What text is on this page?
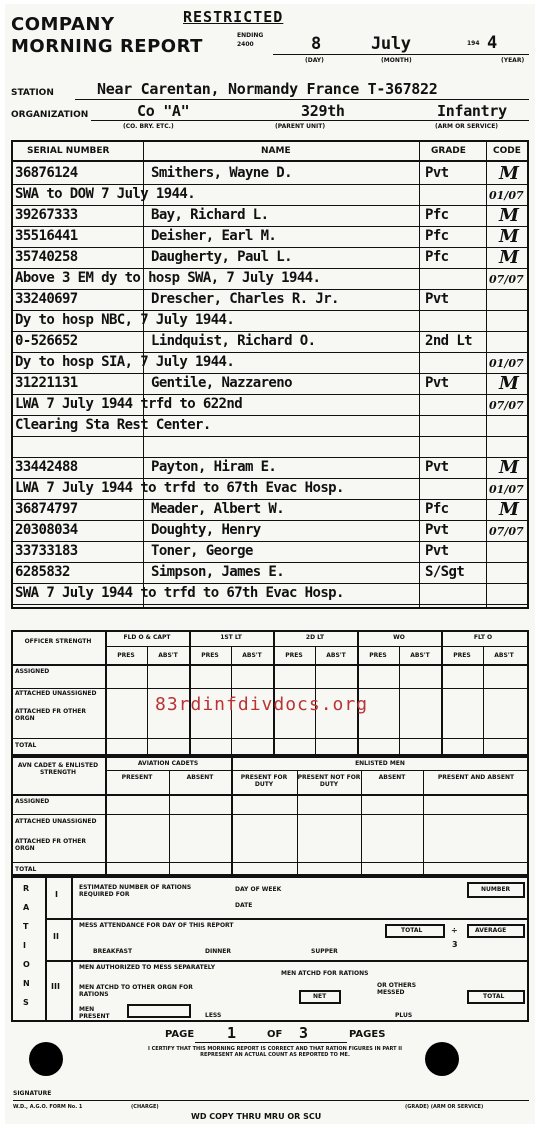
COMPANY
MORNING REPORT
RESTRICTED
ENDING
2400	8	July	194 4
(DAY)	(MONTH)	(YEAR)
STATION	Near Carentan, Normandy France T-367822
ORGANIZATION	Co "A"	329th	Infantry
(CO. BRY. ETC.)	(PARENT UNIT)	(ARM OR SERVICE)
SERIAL NUMBER	NAME	GRADE	CODE
36876124	Smithers, Wayne D.	Pvt	M
SWA to DOW 7 July 1944.	01/07
39267333	Bay, Richard L.	Pfc	M
35516441	Deisher, Earl M.	Pfc	M
35740258	Daugherty, Paul L.	Pfc	M
Above 3 EM dy to hosp SWA, 7 July 1944.	07/07
33240697	Drescher, Charles R. Jr.	Pvt
Dy to hosp NBC, 7 July 1944.
0-526652	Lindquist, Richard O.	2nd Lt
Dy to hosp SIA, 7 July 1944.	01/07
31221131	Gentile, Nazzareno	Pvt	M
LWA 7 July 1944 trfd to 622nd	07/07
Clearing Sta Rest Center.
33442488	Payton, Hiram E.	Pvt	M
LWA 7 July 1944 to trfd to 67th Evac Hosp.	01/07
36874797	Meader, Albert W.	Pfc	M
20308034	Doughty, Henry	Pvt	07/07
33733183	Toner, George	Pvt
6285832	Simpson, James E.	S/Sgt
SWA 7 July 1944 to trfd to 67th Evac Hosp.
OFFICER STRENGTH
FLD O & CAPT
PRES	ABS'T
1ST LT
PRES	ABS'T
2D LT
PRES	ABS'T
WO
PRES	ABS'T
FLT O
PRES	ABS'T
ASSIGNED
ATTACHED UNASSIGNED
ATTACHED FR OTHER ORGN
TOTAL
83rdinfdivdocs.org
AVN CADET & ENLISTED STRENGTH
AVIATION CADETS	ENLISTED MEN
PRESENT	ABSENT	PRESENT FOR DUTY
PRESENT NOT FOR DUTY
ABSENT	PRESENT AND ABSENT
ASSIGNED
ATTACHED UNASSIGNED
ATTACHED FR OTHER ORGN
TOTAL
R
A
T
I
O
N
S
I
II
III
ESTIMATED NUMBER OF RATIONS REQUIRED FOR
DAY OF WEEK
DATE
NUMBER
MESS ATTENDANCE FOR DAY OF THIS REPORT
BREAKFAST	DINNER	SUPPER
TOTAL	÷
3
AVERAGE
MEN AUTHORIZED TO MESS SEPARATELY
MEN ATCHD FOR RATIONS
MEN ATCHD TO OTHER ORGN FOR RATIONS
OR OTHERS MESSED
NET	TOTAL
MEN PRESENT	LESS	PLUS
PAGE 1	OF 3	PAGES
I CERTIFY THAT THIS MORNING REPORT IS CORRECT AND THAT RATION FIGURES IN PART II REPRESENT AN ACTUAL COUNT AS REPORTED TO ME.
SIGNATURE
W.D., A.G.O. FORM No. 1	(CHARGE)	(GRADE) (ARM OR SERVICE)
WD COPY THRU MRU OR SCU
